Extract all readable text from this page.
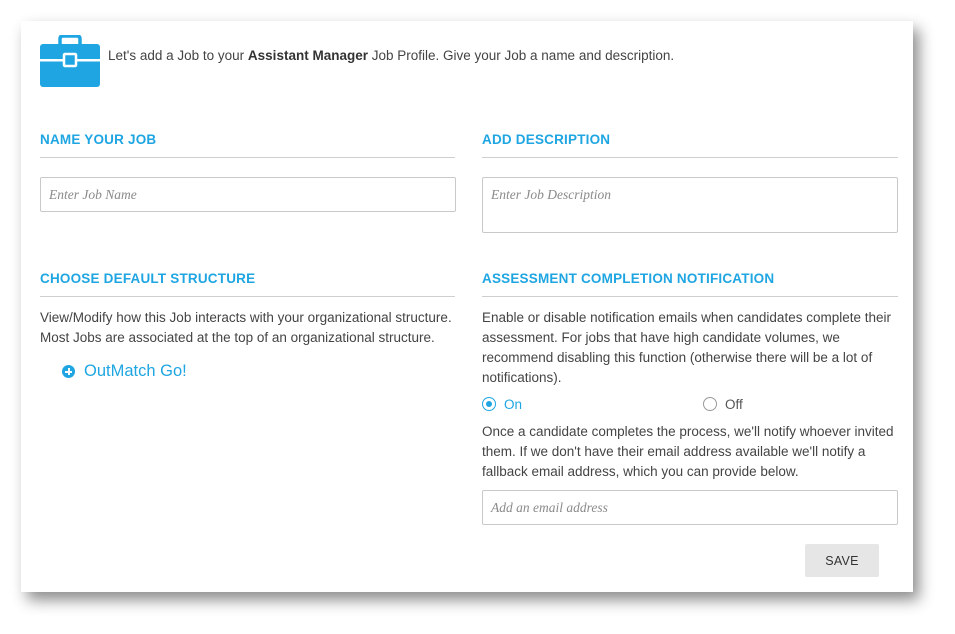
Let's add a Job to your Assistant Manager Job Profile. Give your Job a name and description.
NAME YOUR JOB
Enter Job Name
ADD DESCRIPTION
Enter Job Description
CHOOSE DEFAULT STRUCTURE
View/Modify how this Job interacts with your organizational structure. Most Jobs are associated at the top of an organizational structure.
OutMatch Go!
ASSESSMENT COMPLETION NOTIFICATION
Enable or disable notification emails when candidates complete their assessment. For jobs that have high candidate volumes, we recommend disabling this function (otherwise there will be a lot of notifications).
On	Off
Once a candidate completes the process, we'll notify whoever invited them. If we don't have their email address available we'll notify a fallback email address, which you can provide below.
Add an email address
SAVE
